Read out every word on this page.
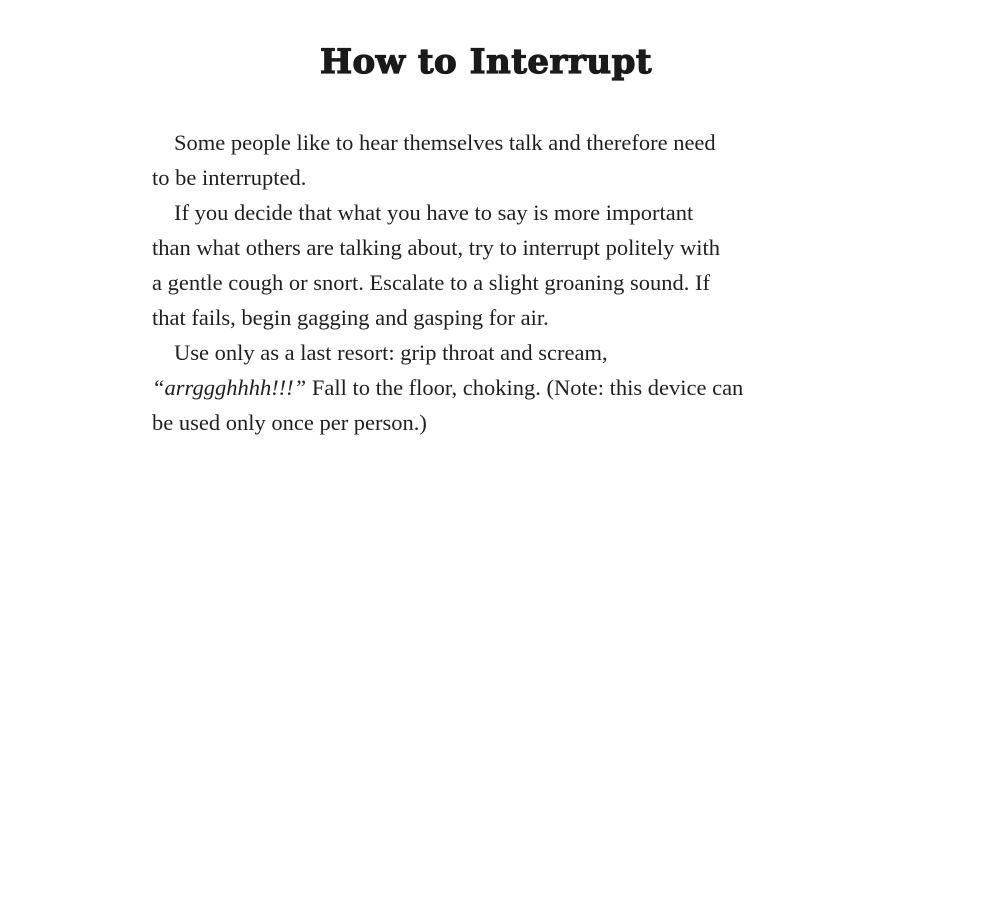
How to Interrupt
Some people like to hear themselves talk and therefore need
to be interrupted.
If you decide that what you have to say is more important
than what others are talking about, try to interrupt politely with
a gentle cough or snort. Escalate to a slight groaning sound. If
that fails, begin gagging and gasping for air.
Use only as a last resort: grip throat and scream,
“arrggghhhh!!!” Fall to the floor, choking. (Note: this device can
be used only once per person.)
